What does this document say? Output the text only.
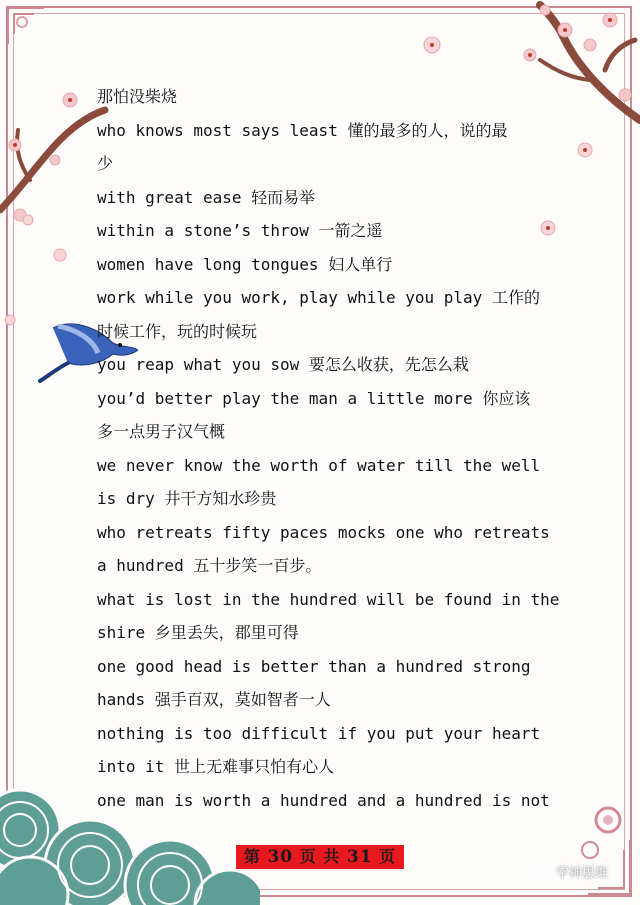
那怕没柴烧
who knows most says least 懂的最多的人，说的最
少
with great ease 轻而易举
within a stone’s throw 一箭之遥
women have long tongues 妇人单行
work while you work, play while you play 工作的
时候工作，玩的时候玩
you reap what you sow 要怎么收获，先怎么栽
you’d better play the man a little more 你应该
多一点男子汉气概
we never know the worth of water till the well
is dry 井干方知水珍贵
who retreats fifty paces mocks one who retreats
a hundred 五十步笑一百步。
what is lost in the hundred will be found in the
shire 乡里丢失，郡里可得
one good head is better than a hundred strong
hands 强手百双，莫如智者一人
nothing is too difficult if you put your heart
into it 世上无难事只怕有心人
one man is worth a hundred and a hundred is not
第 30 页 共 31 页
学神思维
